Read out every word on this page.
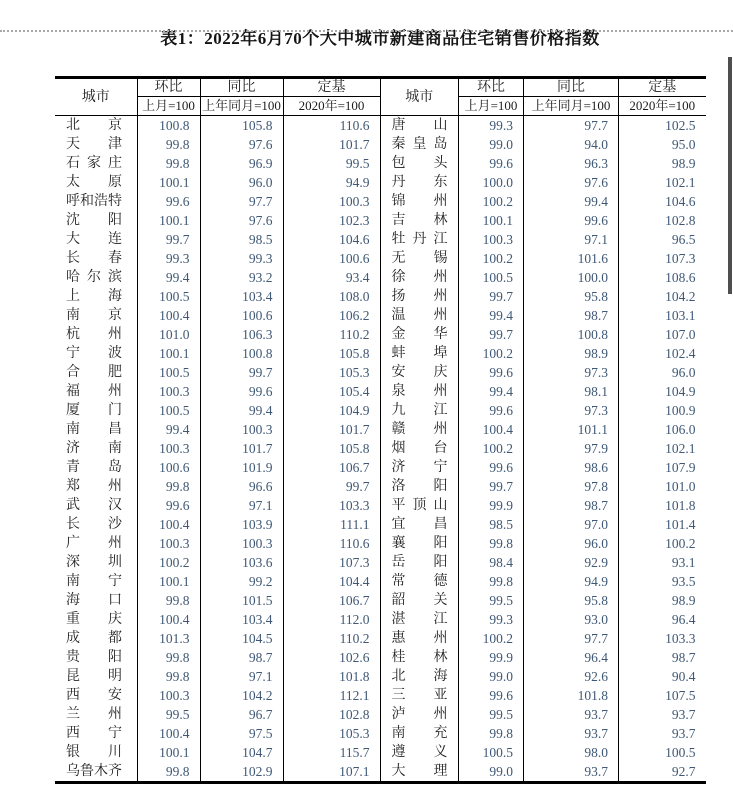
表1：2022年6月70个大中城市新建商品住宅销售价格指数
城市	环比	同比	定基
	上月=100	上年同月=100	2020年=100

北京	100.8	105.8	110.6

天津	99.8	97.6	101.7

石家庄	99.8	96.9	99.5

太原	100.1	96.0	94.9

呼和浩特	99.6	97.7	100.3

沈阳	100.1	97.6	102.3

大连	99.7	98.5	104.6

长春	99.3	99.3	100.6

哈尔滨	99.4	93.2	93.4

上海	100.5	103.4	108.0

南京	100.4	100.6	106.2

杭州	101.0	106.3	110.2

宁波	100.1	100.8	105.8

合肥	100.5	99.7	105.3

福州	100.3	99.6	105.4

厦门	100.5	99.4	104.9

南昌	99.4	100.3	101.7

济南	100.3	101.7	105.8

青岛	100.6	101.9	106.7

郑州	99.8	96.6	99.7

武汉	99.6	97.1	103.3

长沙	100.4	103.9	111.1

广州	100.3	100.3	110.6

深圳	100.2	103.6	107.3

南宁	100.1	99.2	104.4

海口	99.8	101.5	106.7

重庆	100.4	103.4	112.0

成都	101.3	104.5	110.2

贵阳	99.8	98.7	102.6

昆明	99.8	97.1	101.8

西安	100.3	104.2	112.1

兰州	99.5	96.7	102.8

西宁	100.4	97.5	105.3

银川	100.1	104.7	115.7

乌鲁木齐	99.8	102.9	107.1
城市	环比	同比	定基
	上月=100	上年同月=100	2020年=100

唐山	99.3	97.7	102.5

秦皇岛	99.0	94.0	95.0

包头	99.6	96.3	98.9

丹东	100.0	97.6	102.1

锦州	100.2	99.4	104.6

吉林	100.1	99.6	102.8

牡丹江	100.3	97.1	96.5

无锡	100.2	101.6	107.3

徐州	100.5	100.0	108.6

扬州	99.7	95.8	104.2

温州	99.4	98.7	103.1

金华	99.7	100.8	107.0

蚌埠	100.2	98.9	102.4

安庆	99.6	97.3	96.0

泉州	99.4	98.1	104.9

九江	99.6	97.3	100.9

赣州	100.4	101.1	106.0

烟台	100.2	97.9	102.1

济宁	99.6	98.6	107.9

洛阳	99.7	97.8	101.0

平顶山	99.9	98.7	101.8

宜昌	98.5	97.0	101.4

襄阳	99.8	96.0	100.2

岳阳	98.4	92.9	93.1

常德	99.8	94.9	93.5

韶关	99.5	95.8	98.9

湛江	99.3	93.0	96.4

惠州	100.2	97.7	103.3

桂林	99.9	96.4	98.7

北海	99.0	92.6	90.4

三亚	99.6	101.8	107.5

泸州	99.5	93.7	93.7

南充	99.8	93.7	93.7

遵义	100.5	98.0	100.5

大理	99.0	93.7	92.7
